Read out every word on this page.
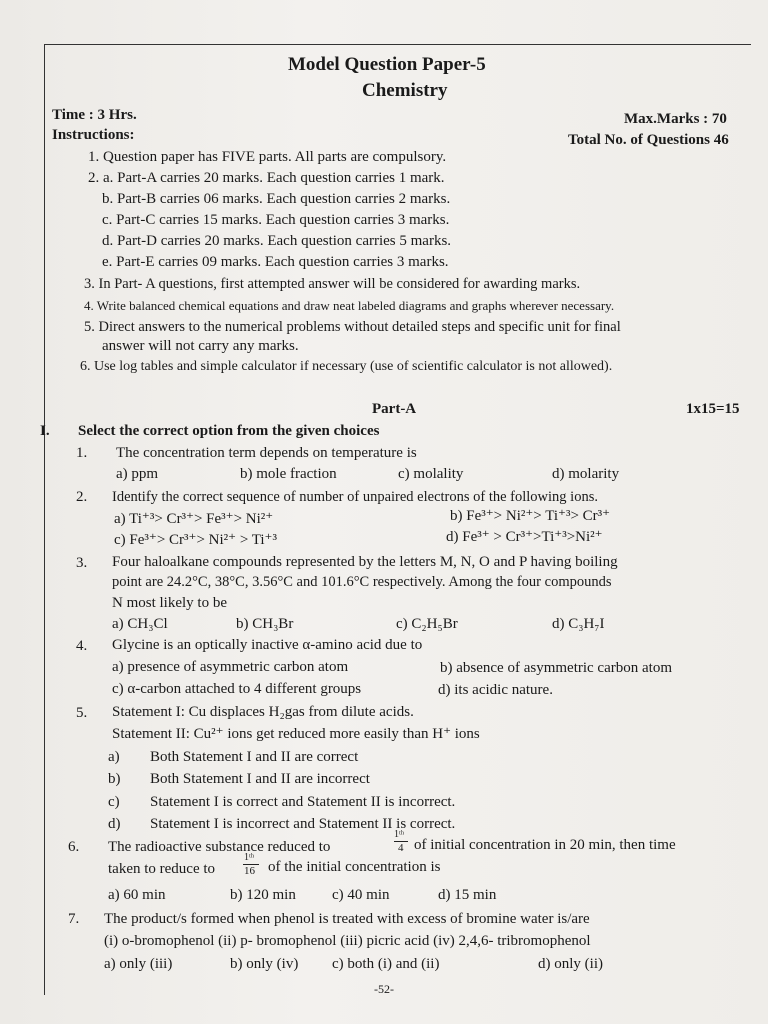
Model Question Paper-5
Chemistry
Time : 3 Hrs.	Max.Marks : 70
Instructions:	Total No. of Questions 46
1. Question paper has FIVE parts. All parts are compulsory.
2. a. Part-A carries 20 marks. Each question carries 1 mark.
b. Part-B carries 06 marks. Each question carries 2 marks.
c. Part-C carries 15 marks. Each question carries 3 marks.
d. Part-D carries 20 marks. Each question carries 5 marks.
e. Part-E carries 09 marks. Each question carries 3 marks.
3. In Part- A questions, first attempted answer will be considered for awarding marks.
4. Write balanced chemical equations and draw neat labeled diagrams and graphs wherever necessary.
5. Direct answers to the numerical problems without detailed steps and specific unit for final
answer will not carry any marks.
6. Use log tables and simple calculator if necessary (use of scientific calculator is not allowed).
Part-A	1x15=15
I. Select the correct option from the given choices
1. The concentration term depends on temperature is
a) ppm	b) mole fraction	c) molality	d) molarity
2. Identify the correct sequence of number of unpaired electrons of the following ions.
a) Ti⁺³> Cr³⁺> Fe³⁺> Ni²⁺	b) Fe³⁺> Ni²⁺> Ti⁺³> Cr³⁺
c) Fe³⁺> Cr³⁺> Ni²⁺ > Ti⁺³	d) Fe³⁺ > Cr³⁺>Ti⁺³>Ni²⁺
3. Four haloalkane compounds represented by the letters M, N, O and P having boiling
point are 24.2°C, 38°C, 3.56°C and 101.6°C respectively. Among the four compounds
N most likely to be
a) CH₃Cl	b) CH₃Br	c) C₂H₅Br	d) C₃H₇I
4. Glycine is an optically inactive α-amino acid due to
a) presence of asymmetric carbon atom	b) absence of asymmetric carbon atom
c) α-carbon attached to 4 different groups	d) its acidic nature.
5. Statement I: Cu displaces H₂gas from dilute acids.
Statement II: Cu²⁺ ions get reduced more easily than H⁺ ions
a) Both Statement I and II are correct
b) Both Statement I and II are incorrect
c) Statement I is correct and Statement II is incorrect.
d) Statement I is incorrect and Statement II is correct.
6. The radioactive substance reduced to
1ᵗʰ
4 of initial concentration in 20 min, then time
taken to reduce to
1ᵗʰ
16 of the initial concentration is
a) 60 min	b) 120 min c) 40 min	d) 15 min
7. The product/s formed when phenol is treated with excess of bromine water is/are
(i) o-bromophenol (ii) p- bromophenol (iii) picric acid (iv) 2,4,6- tribromophenol
a) only (iii)	b) only (iv) c) both (i) and (ii)	d) only (ii)
-52-
